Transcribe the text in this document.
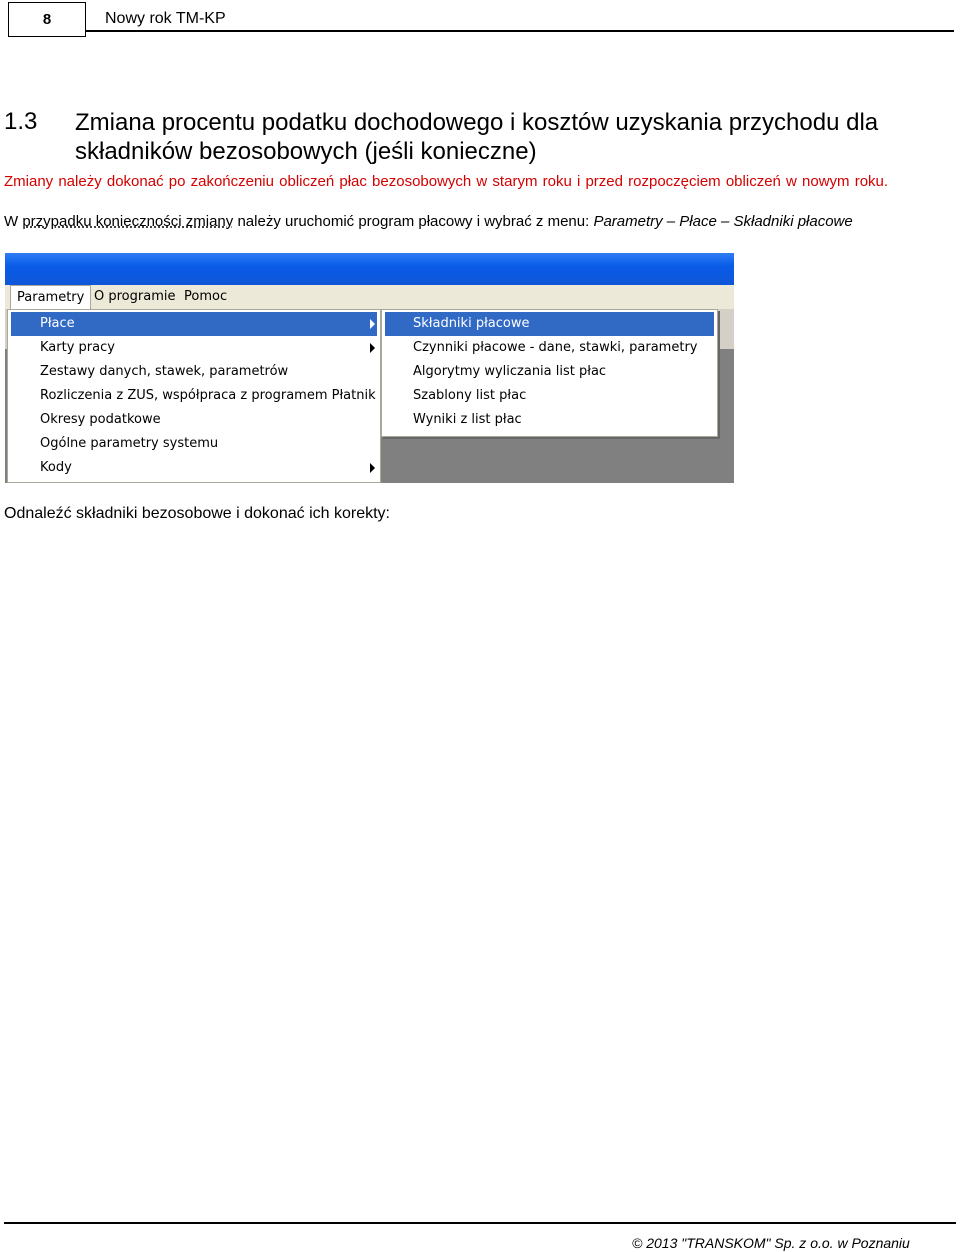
8	Nowy rok TM-KP
1.3 Zmiana procentu podatku dochodowego i kosztów uzyskania przychodu dla składników bezosobowych (jeśli konieczne)
Zmiany należy dokonać po zakończeniu obliczeń płac bezosobowych w starym roku i przed rozpoczęciem obliczeń w nowym roku.
W przypadku konieczności zmiany należy uruchomić program płacowy i wybrać z menu: Parametry – Płace – Składniki płacowe
Parametry O programie Pomoc
Płace
Karty pracy
Zestawy danych, stawek, parametrów
Rozliczenia z ZUS, współpraca z programem Płatnik
Okresy podatkowe
Ogólne parametry systemu
Kody
Składniki płacowe
Czynniki płacowe - dane, stawki, parametry
Algorytmy wyliczania list płac
Szablony list płac
Wyniki z list płac
Odnaleźć składniki bezosobowe i dokonać ich korekty:
© 2013 "TRANSKOM" Sp. z o.o. w Poznaniu
